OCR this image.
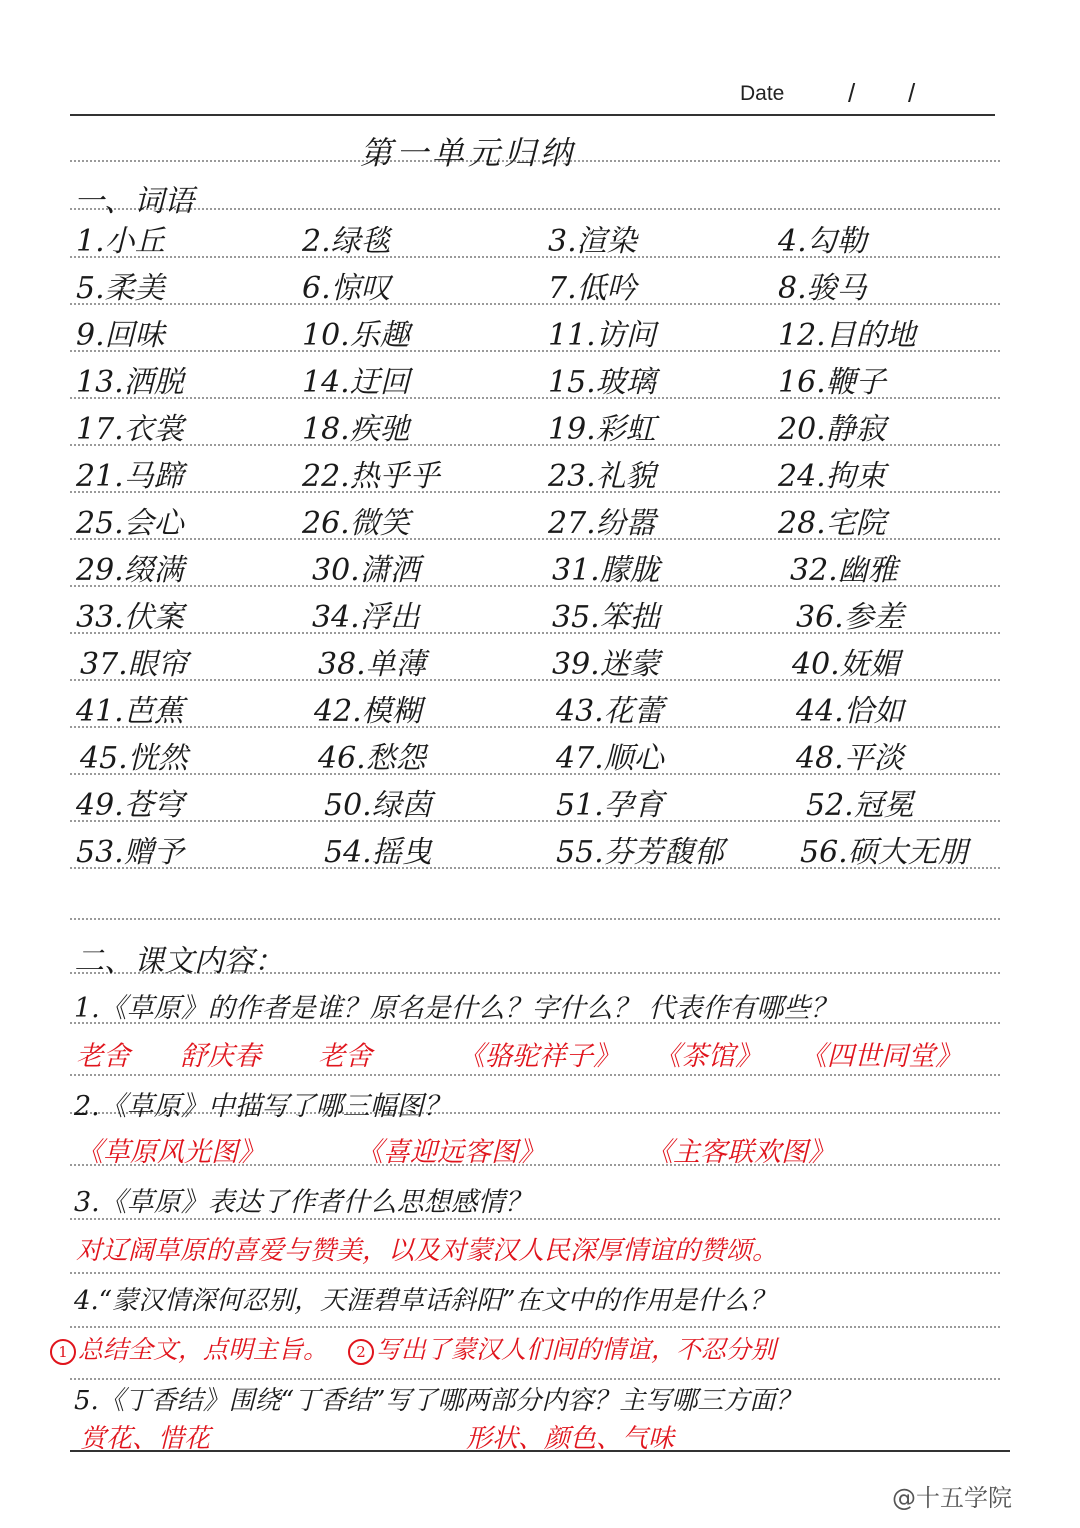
Date / /
第一单元归纳
一、词语
1.小丘	2.绿毯	3.渲染	4.勾勒
5.柔美	6.惊叹	7.低吟	8.骏马
9.回味	10.乐趣	11.访问	12.目的地
13.洒脱	14.迂回	15.玻璃	16.鞭子
17.衣裳	18.疾驰	19.彩虹	20.静寂
21.马蹄	22.热乎乎	23.礼貌	24.拘束
25.会心	26.微笑	27.纷嚣	28.宅院
29.缀满	30.潇洒	31.朦胧	32.幽雅
33.伏案	34.浮出	35.笨拙	36.参差
37.眼帘	38.单薄	39.迷蒙	40.妩媚
41.芭蕉	42.模糊	43.花蕾	44.恰如
45.恍然	46.愁怨	47.顺心	48.平淡
49.苍穹	50.绿茵	51.孕育	52.冠冕
53.赠予	54.摇曳	55.芬芳馥郁	56.硕大无朋
二、课文内容：
1.《草原》的作者是谁？原名是什么？字什么？ 代表作有哪些？
老舍 舒庆春 老舍	《骆驼祥子》 《茶馆》 《四世同堂》
2.《草原》中描写了哪三幅图？
《草原风光图》	《喜迎远客图》	《主客联欢图》
3.《草原》表达了作者什么思想感情？
对辽阔草原的喜爱与赞美，以及对蒙汉人民深厚情谊的赞颂。
4.“蒙汉情深何忍别，天涯碧草话斜阳”在文中的作用是什么？
1 总结全文，点明主旨。 2 写出了蒙汉人们间的情谊，不忍分别
5.《丁香结》围绕“丁香结”写了哪两部分内容？主写哪三方面？
赏花、惜花	形状、颜色、气味
@十五学院
